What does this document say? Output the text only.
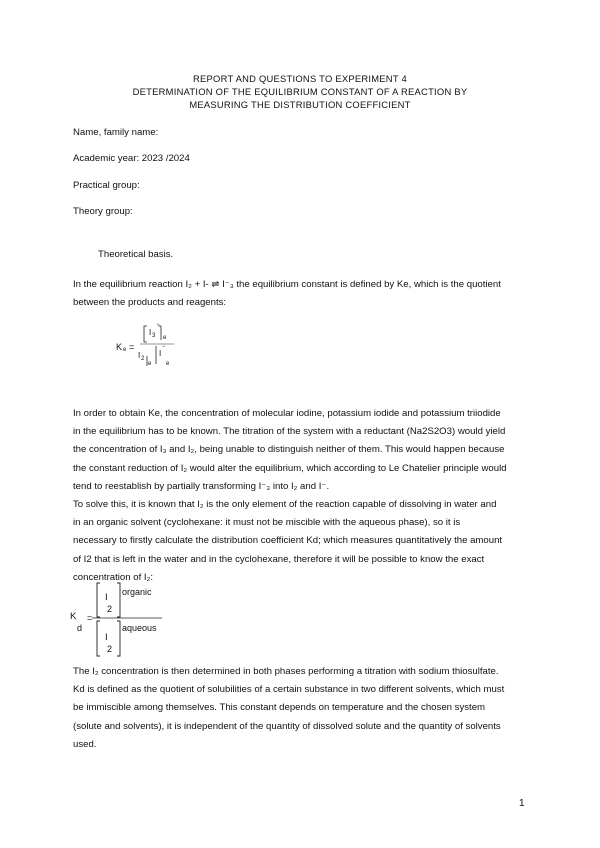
REPORT AND QUESTIONS TO EXPERIMENT 4
DETERMINATION OF THE EQUILIBRIUM CONSTANT OF A REACTION BY
MEASURING THE DISTRIBUTION COEFFICIENT
Name, family name:
Academic year: 2023 /2024
Practical group:
Theory group:
Theoretical basis.
In the equilibrium reaction I₂ + I- ⇌ I⁻₃ the equilibrium constant is defined by Ke, which is the quotient
between the products and reagents:
K e =
I 3
−
e
I 2
I
−
e e
In order to obtain Ke, the concentration of molecular iodine, potassium iodide and potassium triiodide
in the equilibrium has to be known. The titration of the system with a reductant (Na2S2O3) would yield
the concentration of I₃ and I₂, being unable to distinguish neither of them. This would happen because
the constant reduction of I₂ would alter the equilibrium, which according to Le Chatelier principle would
tend to reestablish by partially transforming I⁻₃ into I₂ and I⁻.
To solve this, it is known that I₂ is the only element of the reaction capable of dissolving in water and
in an organic solvent (cyclohexane: it must not be miscible with the aqueous phase), so it is
necessary to firstly calculate the distribution coefficient Kd; which measures quantitatively the amount
of I2 that is left in the water and in the cyclohexane, therefore it will be possible to know the exact
concentration of I₂:
K
d
=
I
2
organic
I
2
aqueous
The I₂ concentration is then determined in both phases performing a titration with sodium thiosulfate.
Kd is defined as the quotient of solubilities of a certain substance in two different solvents, which must
be immiscible among themselves. This constant depends on temperature and the chosen system
(solute and solvents), it is independent of the quantity of dissolved solute and the quantity of solvents
used.
1
